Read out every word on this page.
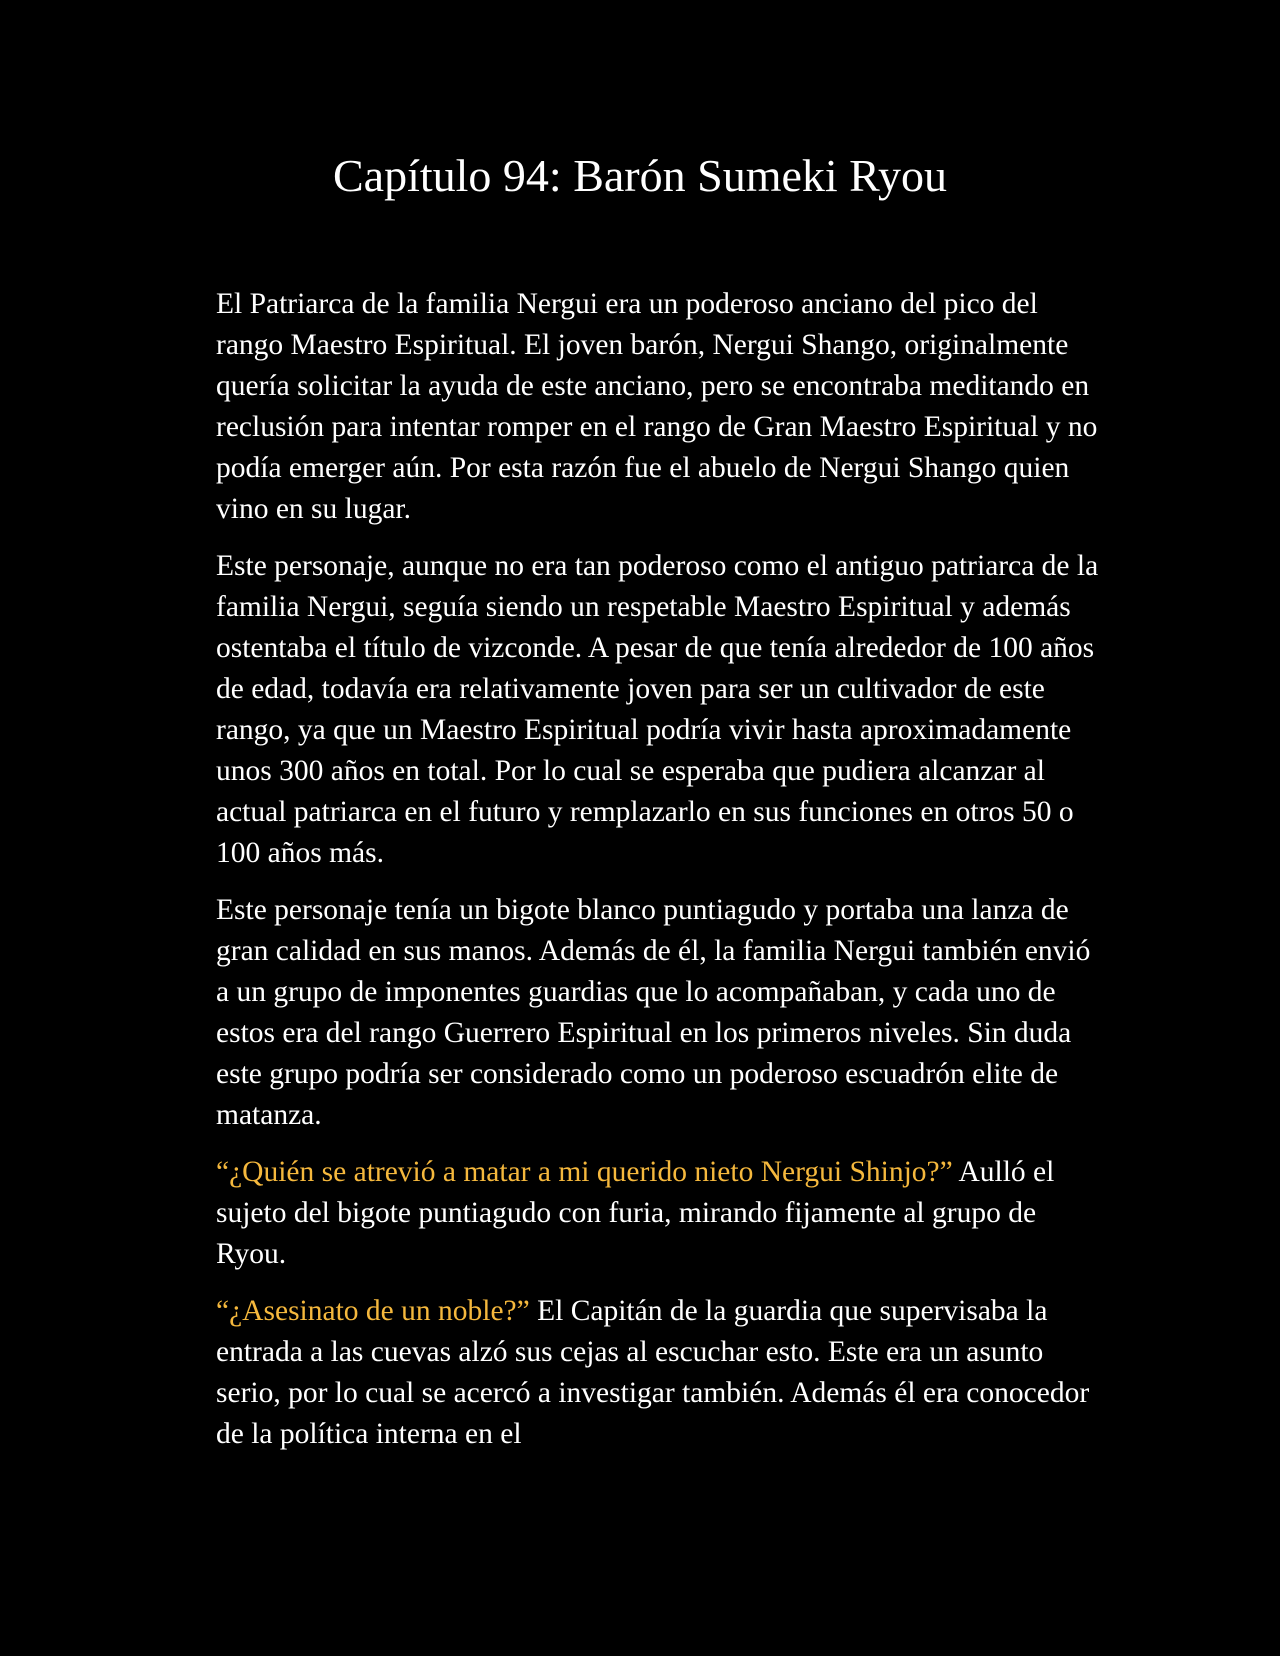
Capítulo 94: Barón Sumeki Ryou

El Patriarca de la familia Nergui era un poderoso anciano del pico del rango Maestro Espiritual. El joven barón, Nergui Shango, originalmente quería solicitar la ayuda de este anciano, pero se encontraba meditando en reclusión para intentar romper en el rango de Gran Maestro Espiritual y no podía emerger aún. Por esta razón fue el abuelo de Nergui Shango quien vino en su lugar.

Este personaje, aunque no era tan poderoso como el antiguo patriarca de la familia Nergui, seguía siendo un respetable Maestro Espiritual y además ostentaba el título de vizconde. A pesar de que tenía alrededor de 100 años de edad, todavía era relativamente joven para ser un cultivador de este rango, ya que un Maestro Espiritual podría vivir hasta aproximadamente unos 300 años en total. Por lo cual se esperaba que pudiera alcanzar al actual patriarca en el futuro y remplazarlo en sus funciones en otros 50 o 100 años más.

Este personaje tenía un bigote blanco puntiagudo y portaba una lanza de gran calidad en sus manos. Además de él, la familia Nergui también envió a un grupo de imponentes guardias que lo acompañaban, y cada uno de estos era del rango Guerrero Espiritual en los primeros niveles. Sin duda este grupo podría ser considerado como un poderoso escuadrón elite de matanza.

“¿Quién se atrevió a matar a mi querido nieto Nergui Shinjo?” Aulló el sujeto del bigote puntiagudo con furia, mirando fijamente al grupo de Ryou.

“¿Asesinato de un noble?” El Capitán de la guardia que supervisaba la entrada a las cuevas alzó sus cejas al escuchar esto. Este era un asunto serio, por lo cual se acercó a investigar también. Además él era conocedor de la política interna en el
